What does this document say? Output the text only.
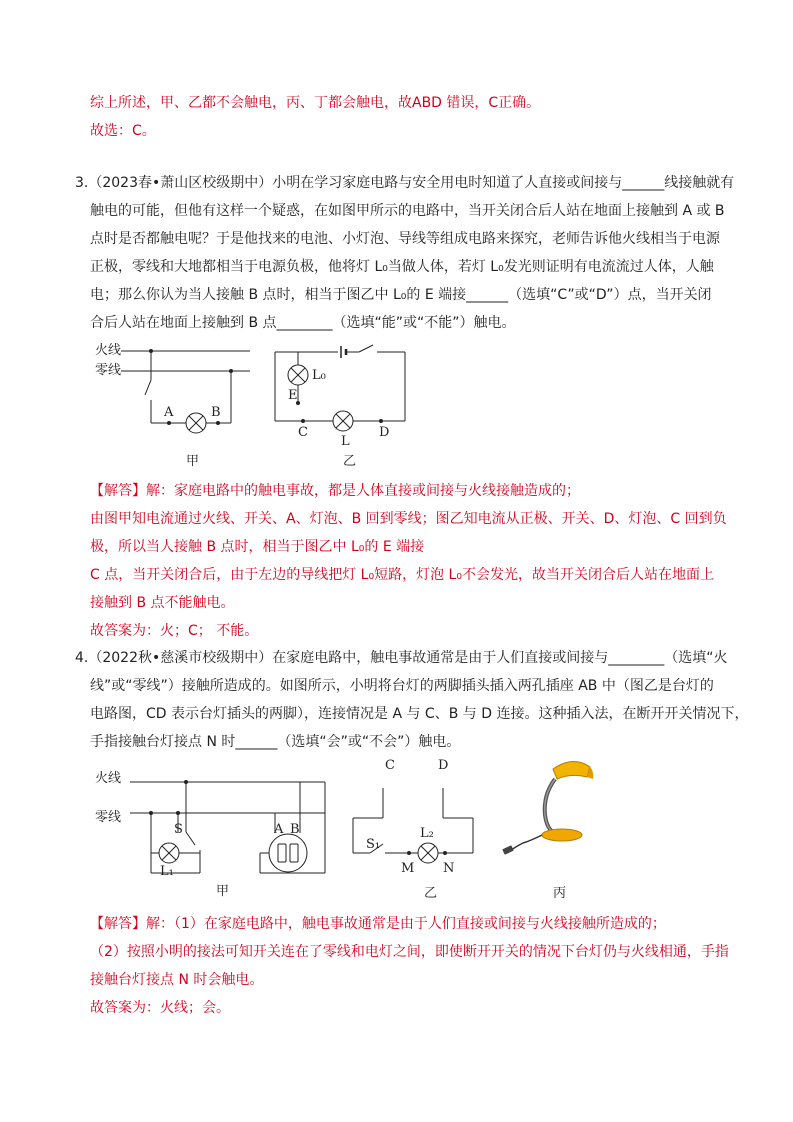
综上所述，甲、乙都不会触电，丙、丁都会触电，故ABD 错误，C正确。
故选：C。
3.（2023春•萧山区校级期中）小明在学习家庭电路与安全用电时知道了人直接或间接与______线接触就有
触电的可能，但他有这样一个疑惑，在如图甲所示的电路中，当开关闭合后人站在地面上接触到 A 或 B
点时是否都触电呢？于是他找来的电池、小灯泡、导线等组成电路来探究，老师告诉他火线相当于电源
正极，零线和大地都相当于电源负极，他将灯 L₀当做人体，若灯 L₀发光则证明有电流流过人体，人触
电；那么你认为当人接触 B 点时，相当于图乙中 L₀的 E 端接______（选填“C”或“D”）点，当开关闭
合后人站在地面上接触到 B 点________（选填“能”或“不能”）触电。
火线
零线
A	B
甲
L₀
E
C
L
D
乙
【解答】解：家庭电路中的触电事故，都是人体直接或间接与火线接触造成的；
由图甲知电流通过火线、开关、A、灯泡、B 回到零线；图乙知电流从正极、开关、D、灯泡、C 回到负
极，所以当人接触 B 点时，相当于图乙中 L₀的 E 端接
C 点，当开关闭合后，由于左边的导线把灯 L₀短路，灯泡 L₀不会发光，故当开关闭合后人站在地面上
接触到 B 点不能触电。
故答案为：火；C； 不能。
4.（2022秋•慈溪市校级期中）在家庭电路中，触电事故通常是由于人们直接或间接与________（选填“火
线”或“零线”）接触所造成的。如图所示，小明将台灯的两脚插头插入两孔插座 AB 中（图乙是台灯的
电路图，CD 表示台灯插头的两脚），连接情况是 A 与 C、B 与 D 连接。这种插入法，在断开开关情况下，
手指接触台灯接点 N 时______（选填“会”或“不会”）触电。
火线
零线
S
L₁
A B
甲
C	D
S₁
L₂
M N
乙	丙
【解答】解：（1）在家庭电路中，触电事故通常是由于人们直接或间接与火线接触所造成的；
（2）按照小明的接法可知开关连在了零线和电灯之间，即使断开开关的情况下台灯仍与火线相通，手指
接触台灯接点 N 时会触电。
故答案为：火线；会。
